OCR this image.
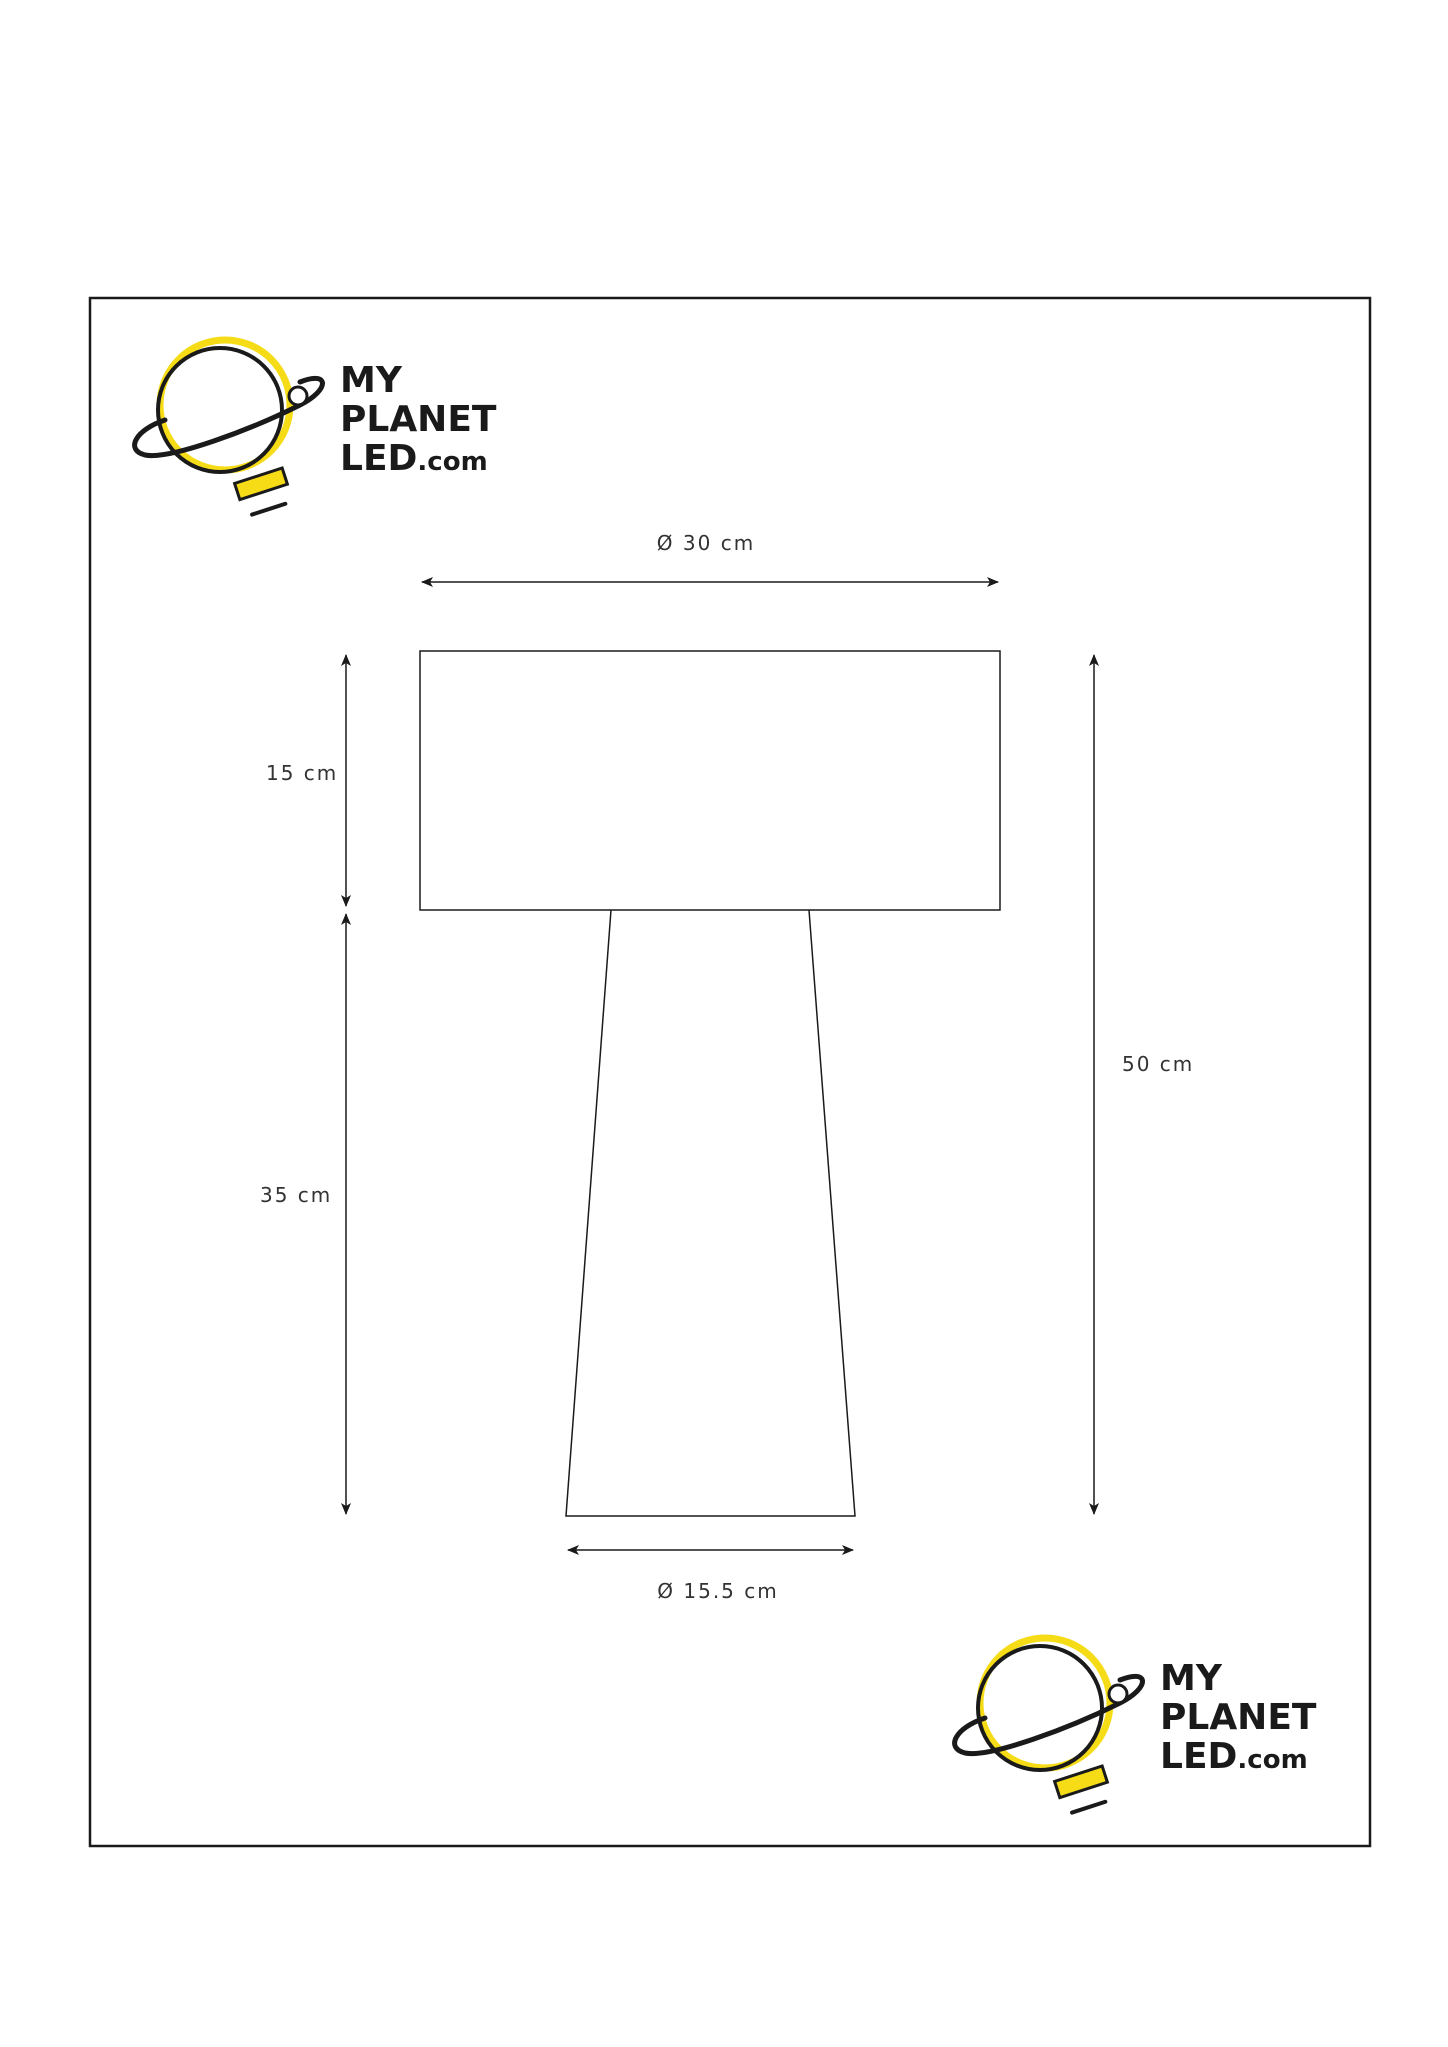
MY
PLANET
LED.com
Ø 30 cm
15 cm
35 cm
50 cm
Ø 15.5 cm
MY
PLANET
LED.com
